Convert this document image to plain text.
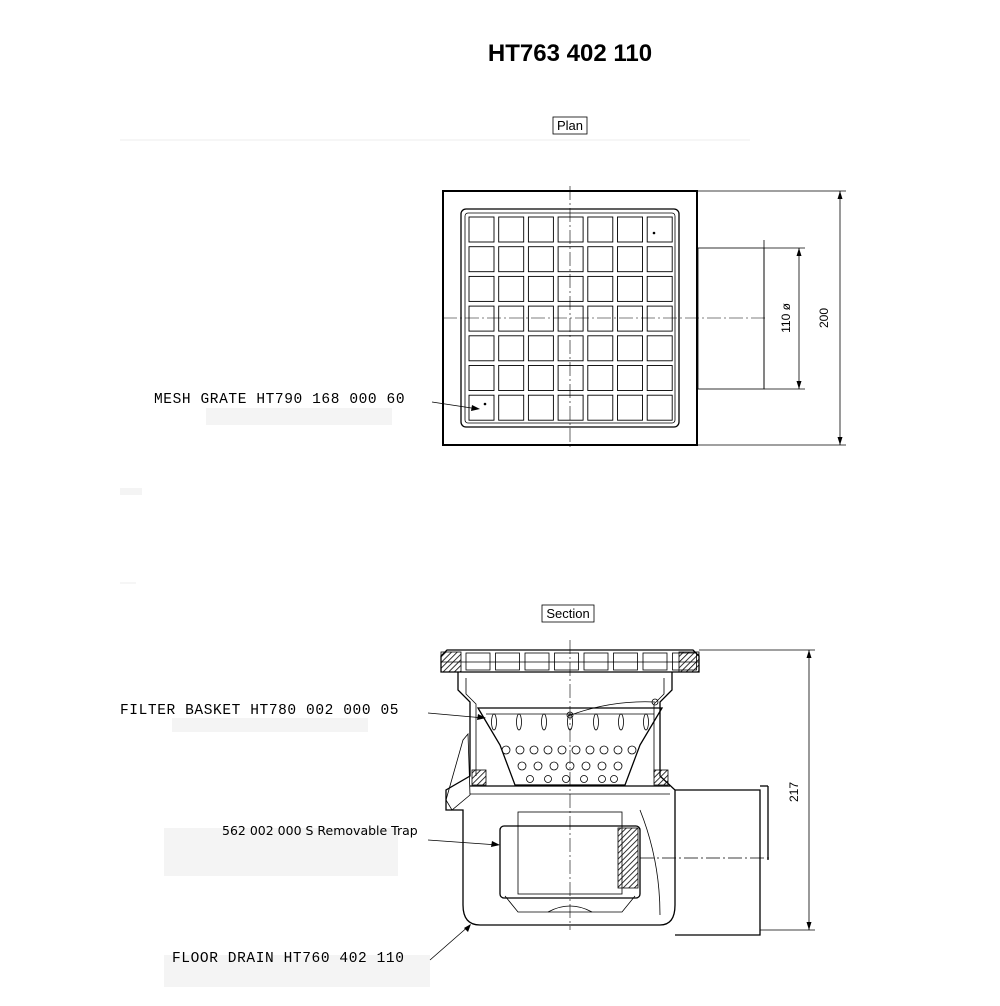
HT763 402 110
Plan
110 ø 200
MESH GRATE HT790 168 000 60
Section
217
FILTER BASKET HT780 002 000 05
562 002 000 S Removable Trap
FLOOR DRAIN HT760 402 110
